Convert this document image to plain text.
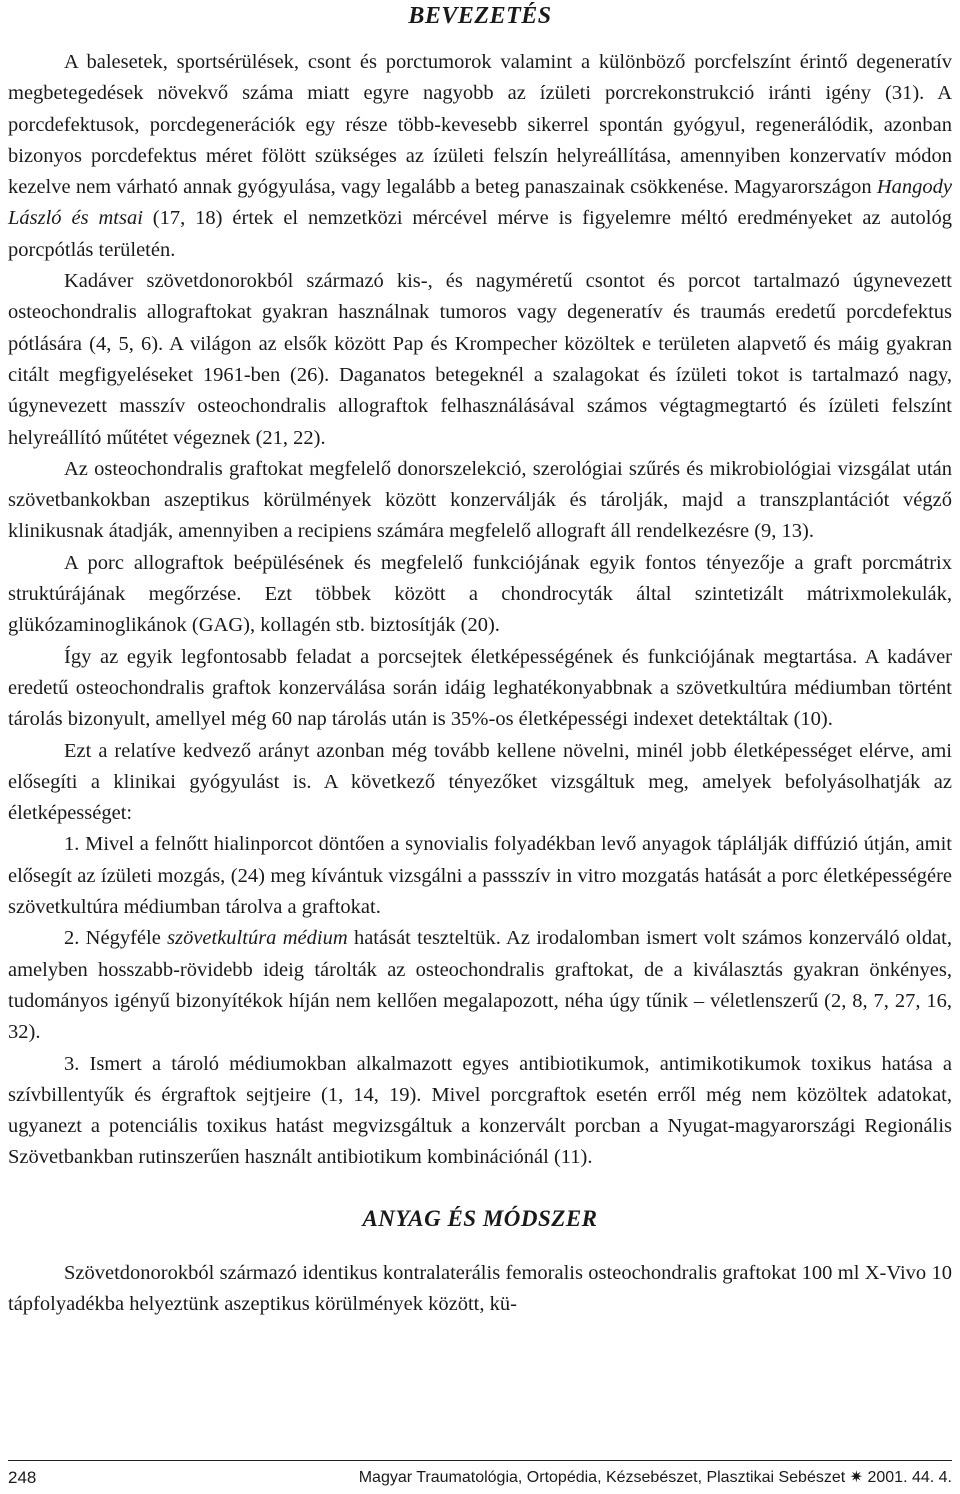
BEVEZETÉS

A balesetek, sportsérülések, csont és porctumorok valamint a különböző porcfelszínt érintő degeneratív megbetegedések növekvő száma miatt egyre nagyobb az ízületi porcrekonstrukció iránti igény (31). A porcdefektusok, porcdegenerációk egy része több-kevesebb sikerrel spontán gyógyul, regenerálódik, azonban bizonyos porcdefektus méret fölött szükséges az ízületi felszín helyreállítása, amennyiben konzervatív módon kezelve nem várható annak gyógyulása, vagy legalább a beteg panaszainak csökkenése. Magyarországon Hangody László és mtsai (17, 18) értek el nemzetközi mércével mérve is figyelemre méltó eredményeket az autológ porcpótlás területén.

Kadáver szövetdonorokból származó kis-, és nagyméretű csontot és porcot tartalmazó úgynevezett osteochondralis allograftokat gyakran használnak tumoros vagy degeneratív és traumás eredetű porcdefektus pótlására (4, 5, 6). A világon az elsők között Pap és Krompecher közöltek e területen alapvető és máig gyakran citált megfigyeléseket 1961-ben (26). Daganatos betegeknél a szalagokat és ízületi tokot is tartalmazó nagy, úgynevezett masszív osteochondralis allograftok felhasználásával számos végtagmegtartó és ízületi felszínt helyreállító műtétet végeznek (21, 22).

Az osteochondralis graftokat megfelelő donorszelekció, szerológiai szűrés és mikrobiológiai vizsgálat után szövetbankokban aszeptikus körülmények között konzerválják és tárolják, majd a transzplantációt végző klinikusnak átadják, amennyiben a recipiens számára megfelelő allograft áll rendelkezésre (9, 13).

A porc allograftok beépülésének és megfelelő funkciójának egyik fontos tényezője a graft porcmátrix struktúrájának megőrzése. Ezt többek között a chondrocyták által szintetizált mátrixmolekulák, glükózaminoglikánok (GAG), kollagén stb. biztosítják (20).

Így az egyik legfontosabb feladat a porcsejtek életképességének és funkciójának megtartása. A kadáver eredetű osteochondralis graftok konzerválása során idáig leghatékonyabbnak a szövetkultúra médiumban történt tárolás bizonyult, amellyel még 60 nap tárolás után is 35%-os életképességi indexet detektáltak (10).

Ezt a relatíve kedvező arányt azonban még tovább kellene növelni, minél jobb életképességet elérve, ami elősegíti a klinikai gyógyulást is. A következő tényezőket vizsgáltuk meg, amelyek befolyásolhatják az életképességet:

1. Mivel a felnőtt hialinporcot döntően a synovialis folyadékban levő anyagok táplálják diffúzió útján, amit elősegít az ízületi mozgás, (24) meg kívántuk vizsgálni a passszív in vitro mozgatás hatását a porc életképességére szövetkultúra médiumban tárolva a graftokat.

2. Négyféle szövetkultúra médium hatását teszteltük. Az irodalomban ismert volt számos konzerváló oldat, amelyben hosszabb-rövidebb ideig tárolták az osteochondralis graftokat, de a kiválasztás gyakran önkényes, tudományos igényű bizonyítékok híján nem kellően megalapozott, néha úgy tűnik – véletlenszerű (2, 8, 7, 27, 16, 32).

3. Ismert a tároló médiumokban alkalmazott egyes antibiotikumok, antimikotikumok toxikus hatása a szívbillentyűk és érgraftok sejtjeire (1, 14, 19). Mivel porcgraftok esetén erről még nem közöltek adatokat, ugyanezt a potenciális toxikus hatást megvizsgáltuk a konzervált porcban a Nyugat-magyarországi Regionális Szövetbankban rutinszerűen használt antibiotikum kombinációnál (11).

ANYAG ÉS MÓDSZER

Szövetdonorokból származó identikus kontralaterális femoralis osteochondralis graftokat 100 ml X-Vivo 10 tápfolyadékba helyeztünk aszeptikus körülmények között, kü-

248	Magyar Traumatológia, Ortopédia, Kézsebészet, Plasztikai Sebészet ✷ 2001. 44. 4.
